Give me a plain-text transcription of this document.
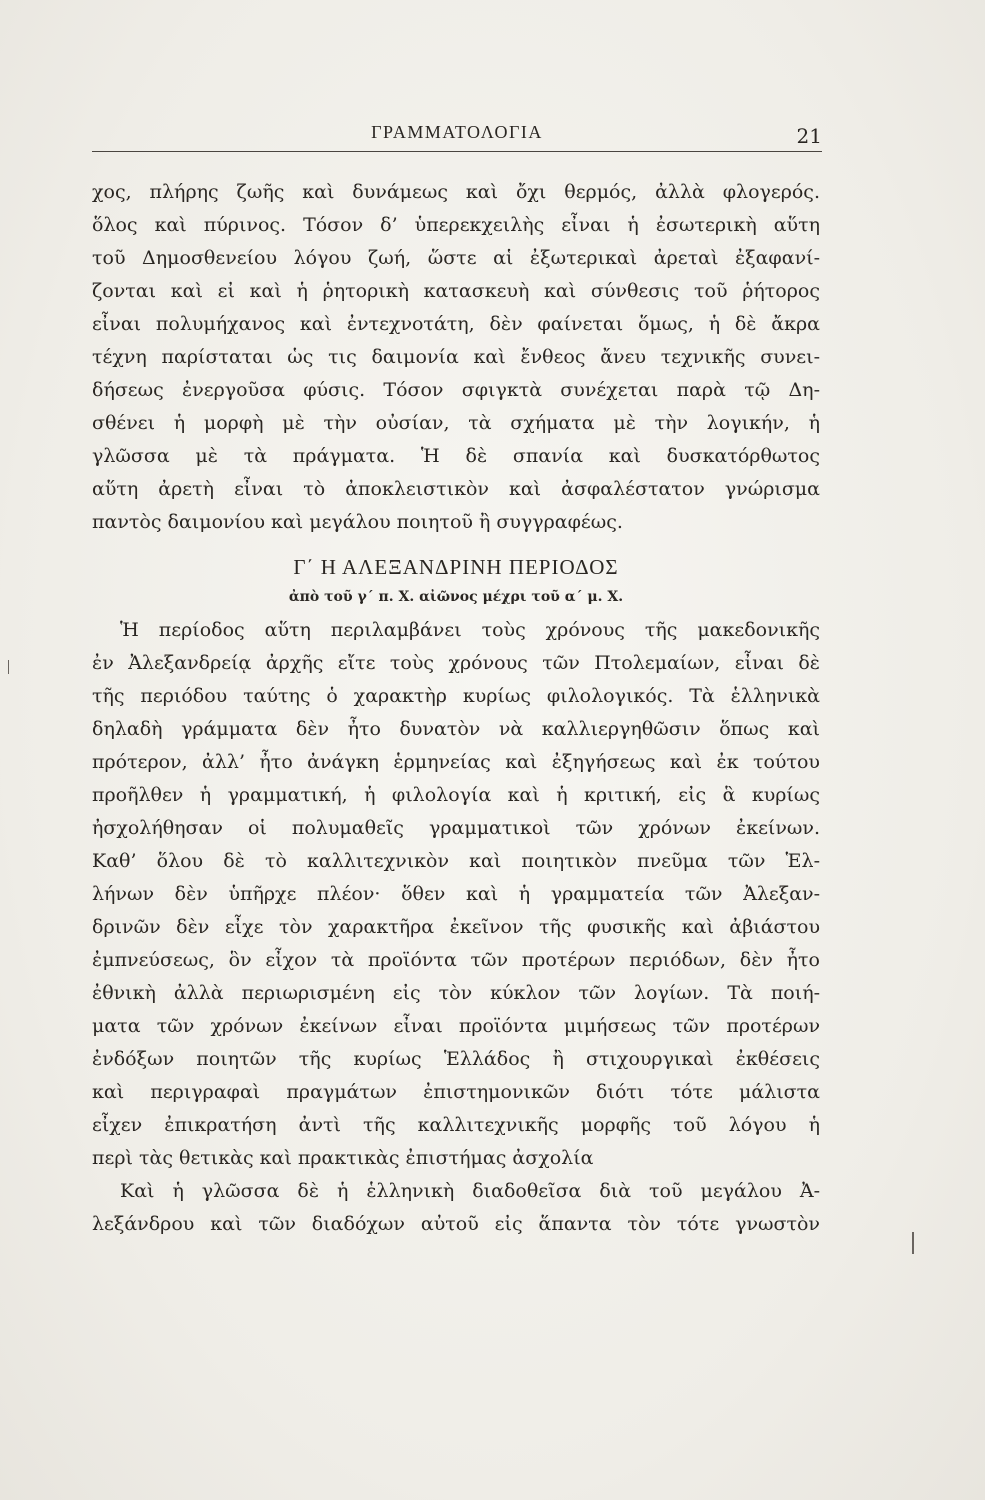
ΓΡΑΜΜΑΤΟΛΟΓΙΑ	21
χος, πλήρης ζωῆς καὶ δυνάμεως καὶ ὄχι θερμός, ἀλλὰ φλογερός.
ὅλος καὶ πύρινος. Τόσον δ’ ὑπερεκχειλὴς εἶναι ἡ ἐσωτερικὴ αὕτη
τοῦ Δημοσθενείου λόγου ζωή, ὥστε αἱ ἐξωτερικαὶ ἀρεταὶ ἐξαφανί-
ζονται καὶ εἰ καὶ ἡ ῥητορικὴ κατασκευὴ καὶ σύνθεσις τοῦ ῥήτορος
εἶναι πολυμήχανος καὶ ἐντεχνοτάτη, δὲν φαίνεται ὅμως, ἡ δὲ ἄκρα
τέχνη παρίσταται ὡς τις δαιμονία καὶ ἔνθεος ἄνευ τεχνικῆς συνει-
δήσεως ἐνεργοῦσα φύσις. Τόσον σφιγκτὰ συνέχεται παρὰ τῷ Δη-
σθένει ἡ μορφὴ μὲ τὴν οὐσίαν, τὰ σχήματα μὲ τὴν λογικήν, ἡ
γλῶσσα μὲ τὰ πράγματα. Ἡ δὲ σπανία καὶ δυσκατόρθωτος
αὕτη ἀρετὴ εἶναι τὸ ἀποκλειστικὸν καὶ ἀσφαλέστατον γνώρισμα
παντὸς δαιμονίου καὶ μεγάλου ποιητοῦ ἢ συγγραφέως.
Γ΄ Η ΑΛΕΞΑΝΔΡΙΝΗ ΠΕΡΙΟΔΟΣ
ἀπὸ τοῦ γ΄ π. Χ. αἰῶνος μέχρι τοῦ α΄ μ. Χ.
Ἡ περίοδος αὕτη περιλαμβάνει τοὺς χρόνους τῆς μακεδονικῆς
ἐν Ἀλεξανδρείᾳ ἀρχῆς εἴτε τοὺς χρόνους τῶν Πτολεμαίων, εἶναι δὲ
τῆς περιόδου ταύτης ὁ χαρακτὴρ κυρίως φιλολογικός. Τὰ ἑλληνικὰ
δηλαδὴ γράμματα δὲν ἦτο δυνατὸν νὰ καλλιεργηθῶσιν ὅπως καὶ
πρότερον, ἀλλ’ ἦτο ἀνάγκη ἑρμηνείας καὶ ἐξηγήσεως καὶ ἐκ τούτου
προῆλθεν ἡ γραμματική, ἡ φιλολογία καὶ ἡ κριτική, εἰς ἃ κυρίως
ἠσχολήθησαν οἱ πολυμαθεῖς γραμματικοὶ τῶν χρόνων ἐκείνων.
Καθ’ ὅλου δὲ τὸ καλλιτεχνικὸν καὶ ποιητικὸν πνεῦμα τῶν Ἑλ-
λήνων δὲν ὑπῆρχε πλέον· ὅθεν καὶ ἡ γραμματεία τῶν Ἀλεξαν-
δρινῶν δὲν εἶχε τὸν χαρακτῆρα ἐκεῖνον τῆς φυσικῆς καὶ ἀβιάστου
ἐμπνεύσεως, ὃν εἶχον τὰ προϊόντα τῶν προτέρων περιόδων, δὲν ἦτο
ἐθνικὴ ἀλλὰ περιωρισμένη εἰς τὸν κύκλον τῶν λογίων. Τὰ ποιή-
ματα τῶν χρόνων ἐκείνων εἶναι προϊόντα μιμήσεως τῶν προτέρων
ἐνδόξων ποιητῶν τῆς κυρίως Ἑλλάδος ἢ στιχουργικαὶ ἐκθέσεις
καὶ περιγραφαὶ πραγμάτων ἐπιστημονικῶν διότι τότε μάλιστα
εἶχεν ἐπικρατήση ἀντὶ τῆς καλλιτεχνικῆς μορφῆς τοῦ λόγου ἡ
περὶ τὰς θετικὰς καὶ πρακτικὰς ἐπιστήμας ἀσχολία
Καὶ ἡ γλῶσσα δὲ ἡ ἑλληνικὴ διαδοθεῖσα διὰ τοῦ μεγάλου Ἀ-
λεξάνδρου καὶ τῶν διαδόχων αὐτοῦ εἰς ἅπαντα τὸν τότε γνωστὸν
